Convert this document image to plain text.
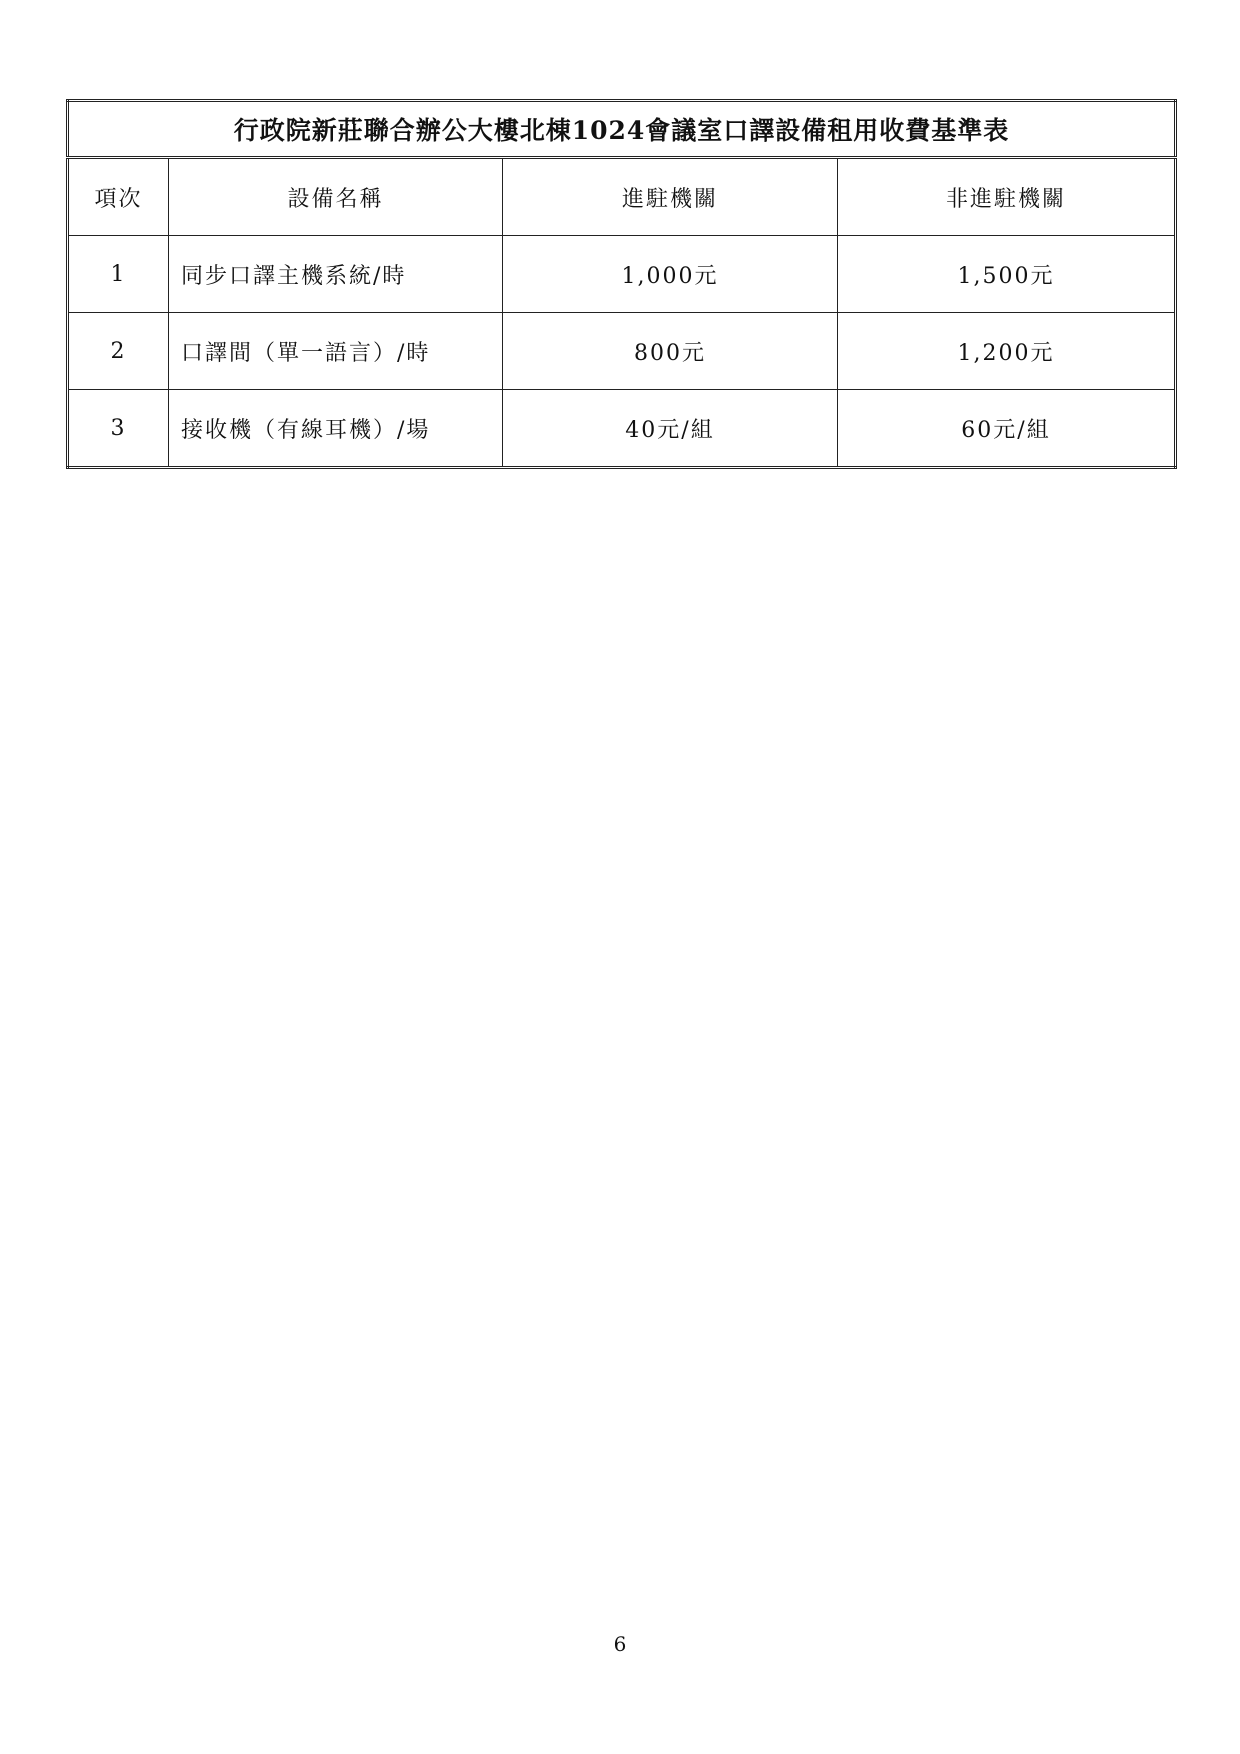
行政院新莊聯合辦公大樓北棟1024會議室口譯設備租用收費基準表			
項次	設備名稱	進駐機關	非進駐機關
1	同步口譯主機系統/時	1,000元	1,500元
2	口譯間（單一語言）/時	800元	1,200元
3	接收機（有線耳機）/場	40元/組	60元/組
6
